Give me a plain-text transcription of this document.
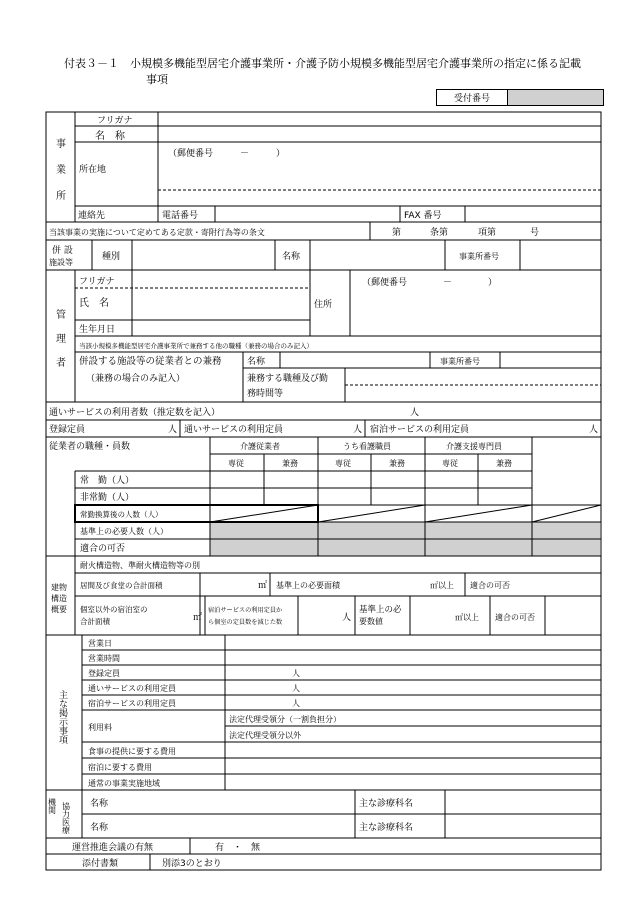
付表３－１　小規模多機能型居宅介護事業所・介護予防小規模多機能型居宅介護事業所の指定に係る記載
事項
受付番号
事
業
所
フリガナ
名　称
所在地
（郵便番号　　　－　　　）
連絡先	電話番号	FAX 番号
当該事業の実施について定めてある定款・寄附行為等の条文	第	条第	項第	号
併 設
施設等
種別	名称	事業所番号
管
理
者
フリガナ
氏　名	住所
（郵便番号　　　　－　　　　）
生年月日
当該小規模多機能型居宅介護事業所で兼務する他の職種（兼務の場合のみ記入）
併設する施設等の従業者との兼務
（兼務の場合のみ記入）
名称	事業所番号
兼務する職種及び勤
務時間等
通いサービスの利用者数（推定数を記入）	人
登録定員	人 通いサービスの利用定員	人 宿泊サービスの利用定員	人
従業者の職種・員数	介護従業者	うち看護職員	介護支援専門員
専従	兼務	専従	兼務	専従	兼務
常　勤（人）
非常勤（人）
常勤換算後の人数（人）
基準上の必要人数（人）
適合の可否
建物
構造
概要
耐火構造物、準耐火構造物等の別
居間及び食堂の合計面積	㎡ 基準上の必要面積	㎡以上 適合の可否
個室以外の宿泊室の
合計面積	㎡
宿泊サービスの利用定員か
ら個室の定員数を減じた数	人
基準上の必
要数値	㎡以上 適合の可否
主な掲示事項
営業日
営業時間
登録定員	人
通いサービスの利用定員	人
宿泊サービスの利用定員	人
利用料
法定代理受領分（一割負担分）
法定代理受領分以外
食事の提供に要する費用
宿泊に要する費用
通常の事業実施地域
協力医療
機関	名称	主な診療科名
名称	主な診療科名
運営推進会議の有無	有　・　無
添付書類	別添3のとおり
